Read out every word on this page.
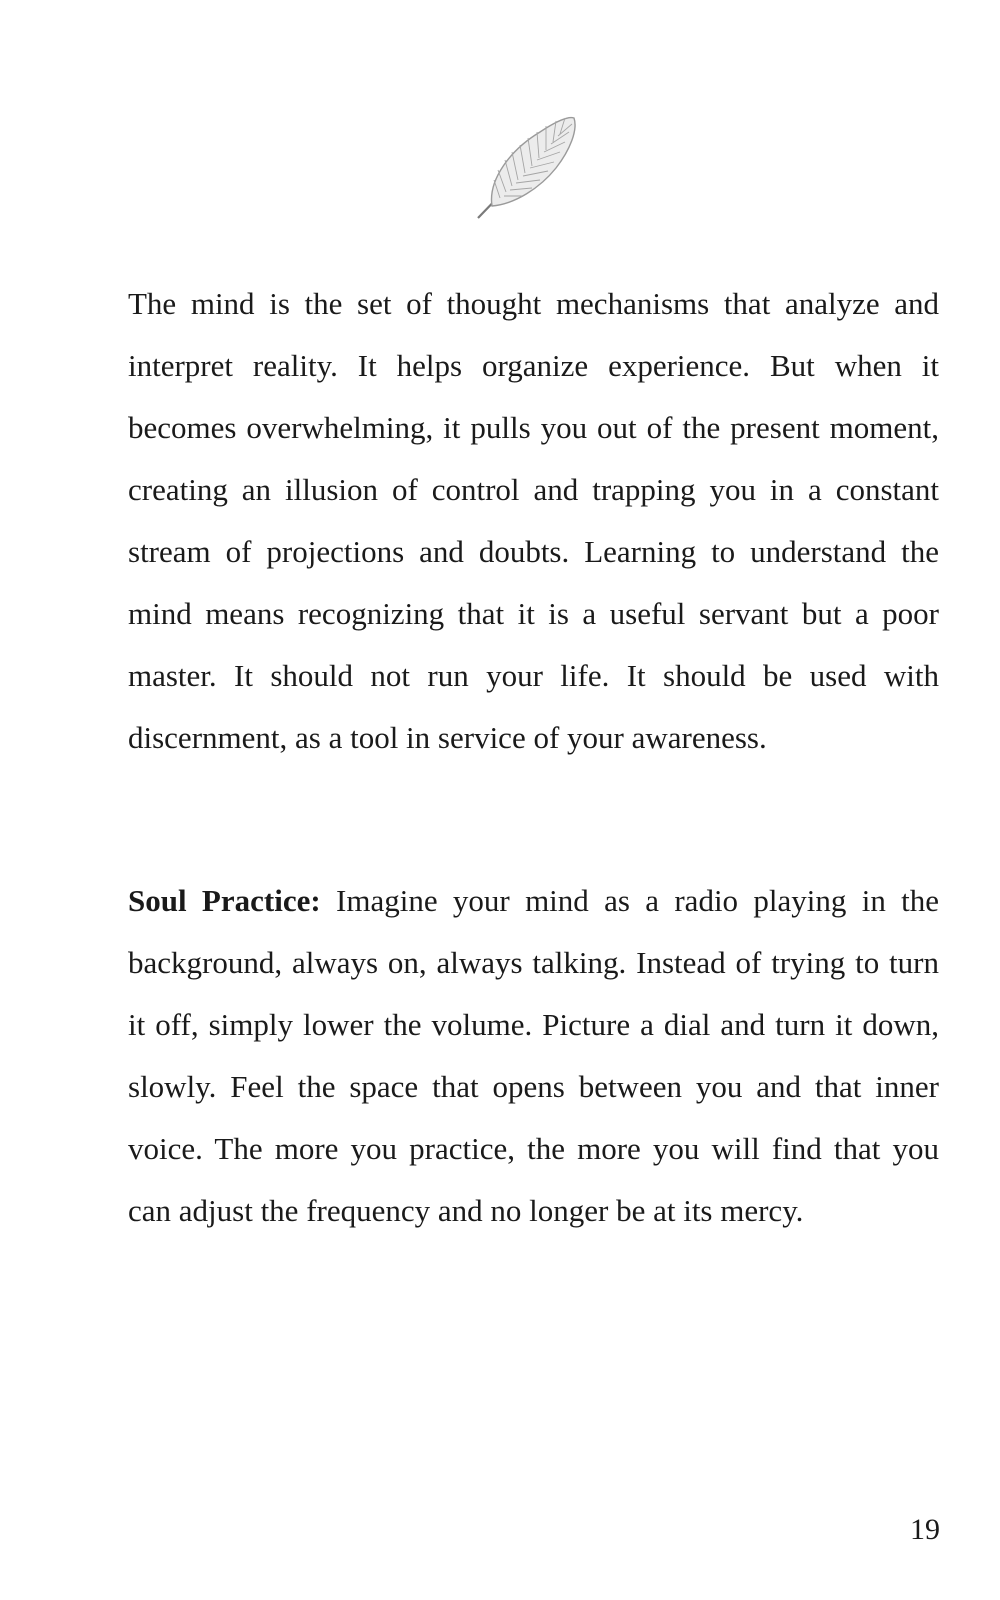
The mind is the set of thought mechanisms that analyze and interpret reality. It helps organize experience. But when it becomes overwhelming, it pulls you out of the present moment, creating an illusion of control and trapping you in a constant stream of projections and doubts. Learning to understand the mind means recognizing that it is a useful servant but a poor master. It should not run your life. It should be used with discernment, as a tool in service of your awareness.

Soul Practice: Imagine your mind as a radio playing in the background, always on, always talking. Instead of trying to turn it off, simply lower the volume. Picture a dial and turn it down, slowly. Feel the space that opens between you and that inner voice. The more you practice, the more you will find that you can adjust the frequency and no longer be at its mercy.

19
